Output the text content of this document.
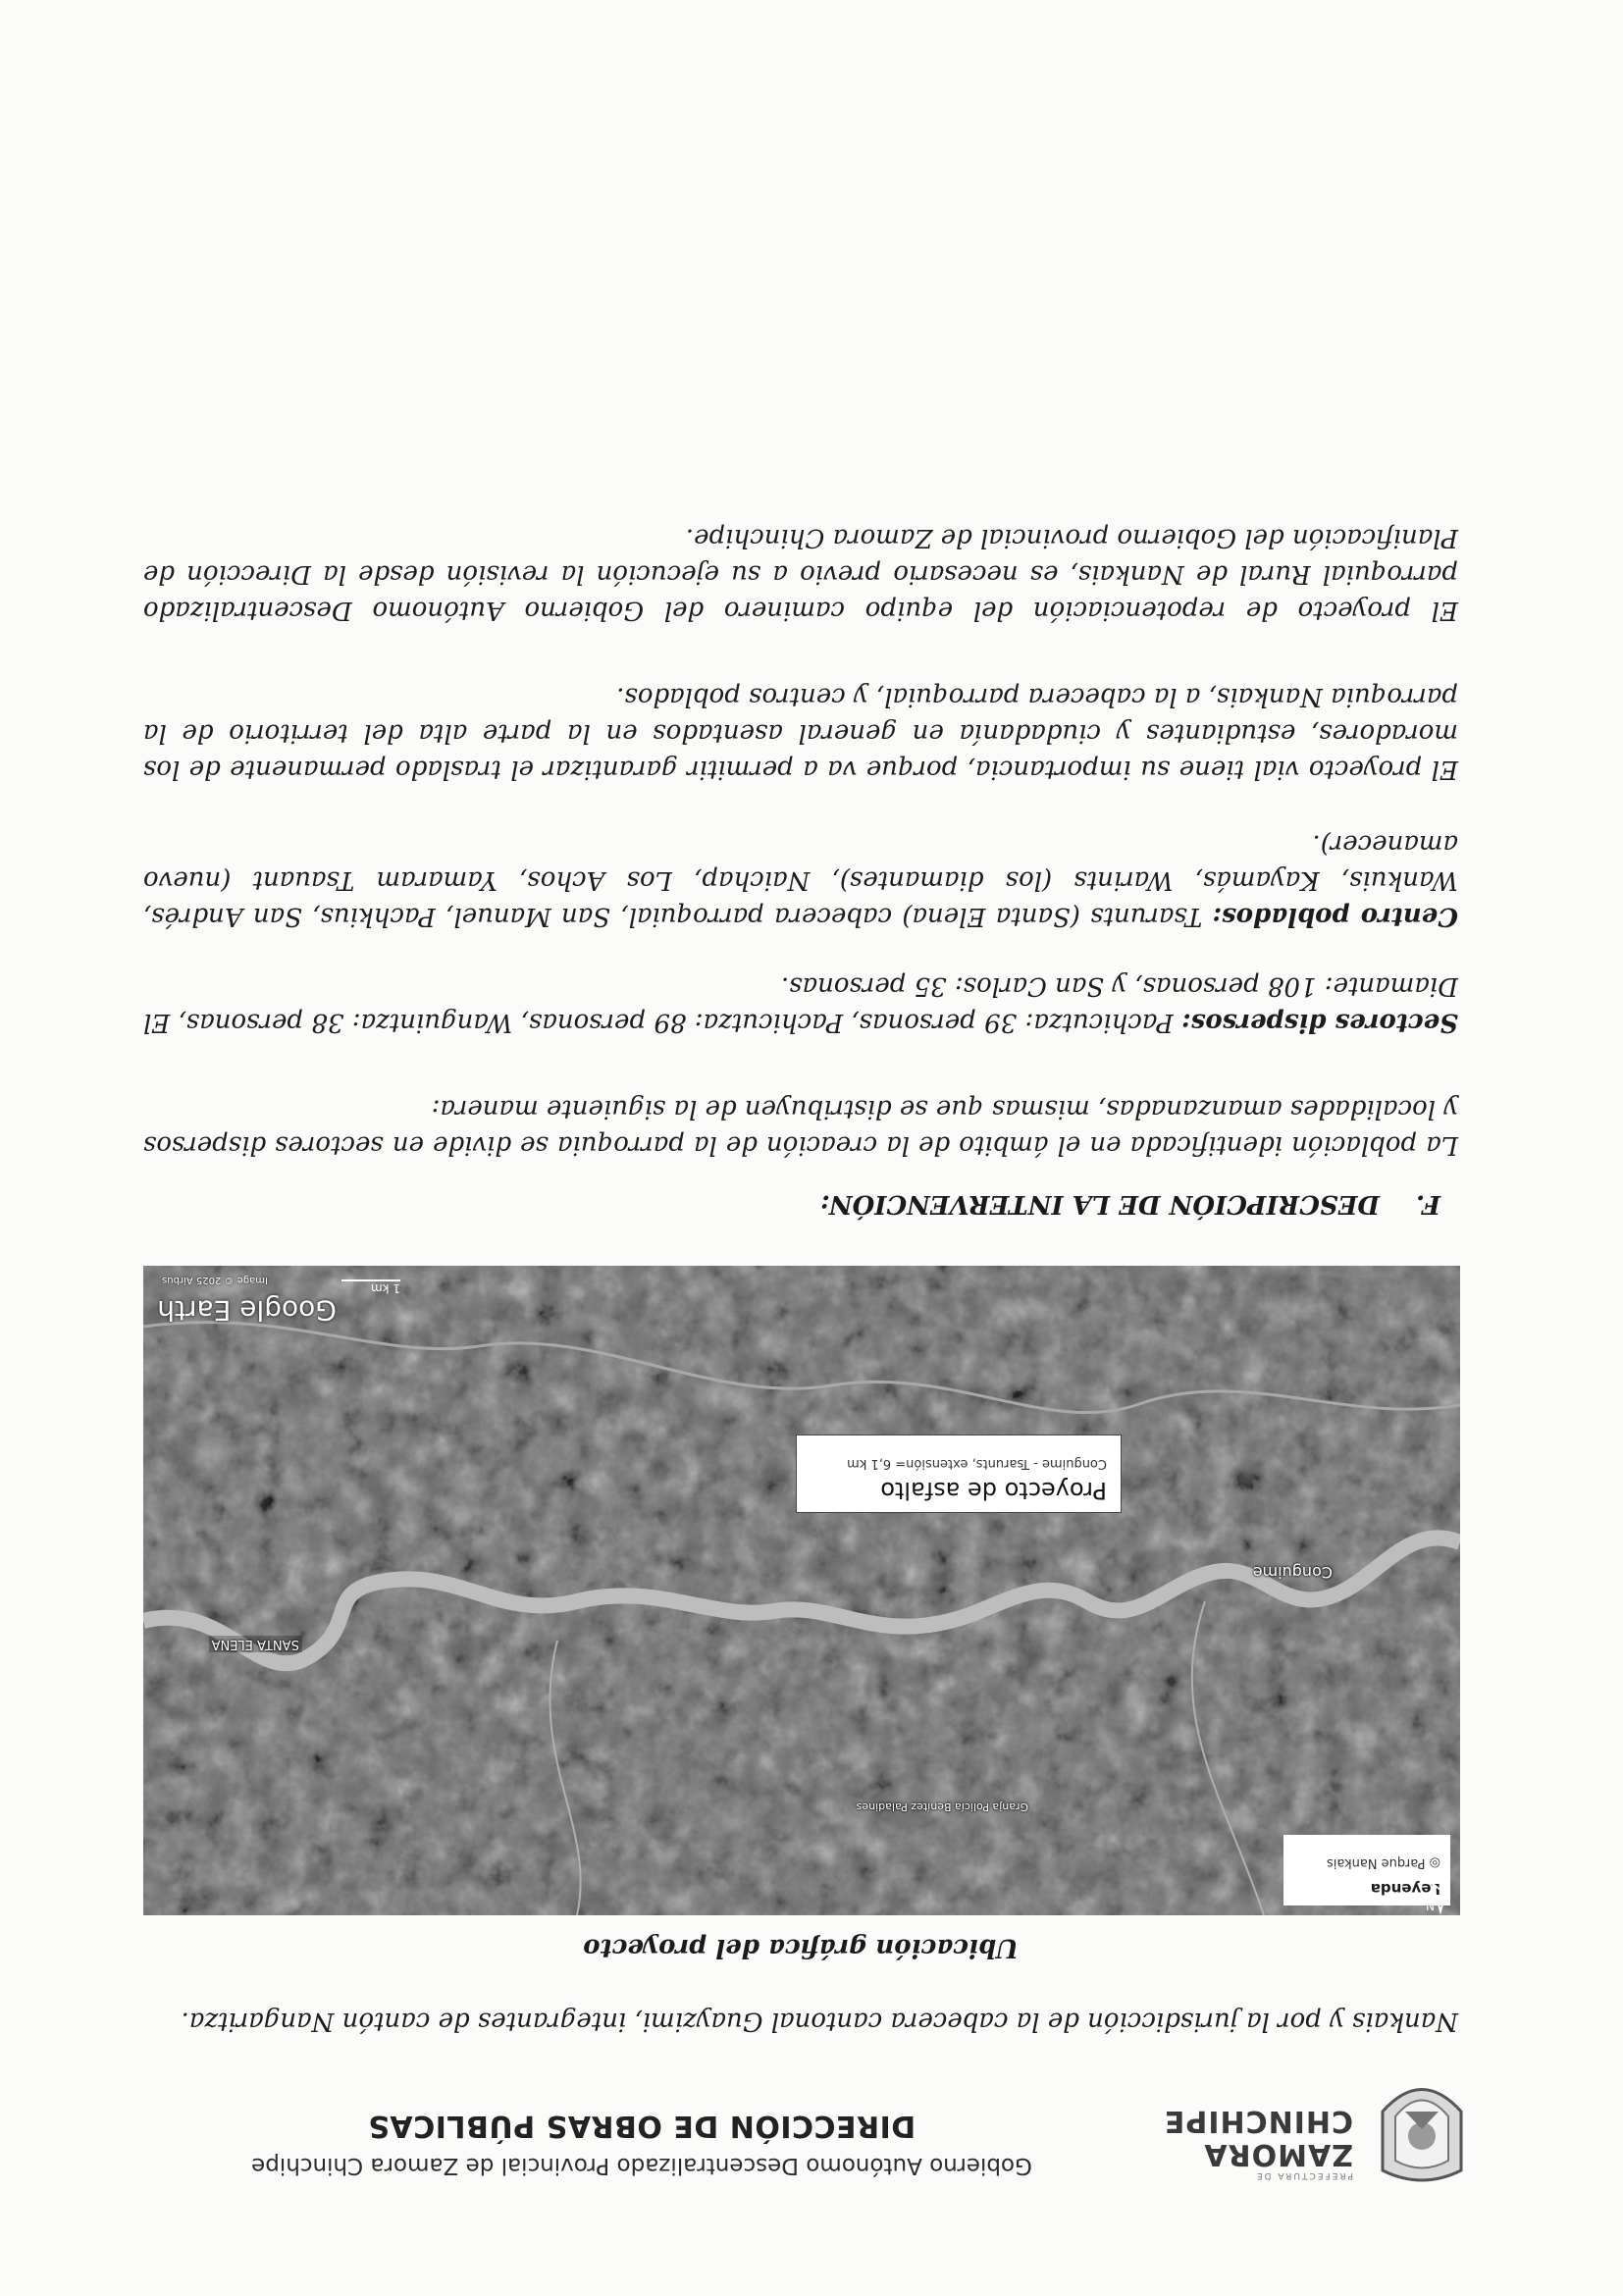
PREFECTURA DE
ZAMORA
CHINCHIPE
Gobierno Autónomo Descentralizado Provincial de Zamora Chinchipe
DIRECCIÓN DE OBRAS PÚBLICAS
Nankais y por la jurisdicción de la cabecera cantonal Guayzimi, integrantes de cantón Nangaritza.
Ubicación gráfica del proyecto
Leyenda
◎ Parque Nankais
Granja Policía Benítez Paladines
SANTA ELENA
Conguime
Proyecto de asfalto
Conguime - Tsarunts, extensión= 6,1 km
1 km
Google Earth
Image © 2025 Airbus
N
F.DESCRIPCIÓN DE LA INTERVENCIÓN:
La población identificada en el ámbito de la creación de la parroquia se divide en sectores dispersos y localidades amanzanadas, mismas que se distribuyen de la siguiente manera:
Sectores dispersos: Pachicutza: 39 personas, Pachicutza: 89 personas, Wanguintza: 38 personas, El Diamante: 108 personas, y San Carlos: 35 personas.
Centro poblados: Tsarunts (Santa Elena) cabecera parroquial, San Manuel, Pachkius, San Andrés, Wankuis, Kayamás, Warints (los diamantes), Naichap, Los Achos, Yamaram Tsauant (nuevo amanecer).
El proyecto vial tiene su importancia, porque va a permitir garantizar el traslado permanente de los moradores, estudiantes y ciudadanía en general asentados en la parte alta del territorio de la parroquia Nankais, a la cabecera parroquial, y centros poblados.
El proyecto de repotenciación del equipo caminero del Gobierno Autónomo Descentralizado parroquial Rural de Nankais, es necesario previo a su ejecución la revisión desde la Dirección de Planificación del Gobierno provincial de Zamora Chinchipe.
